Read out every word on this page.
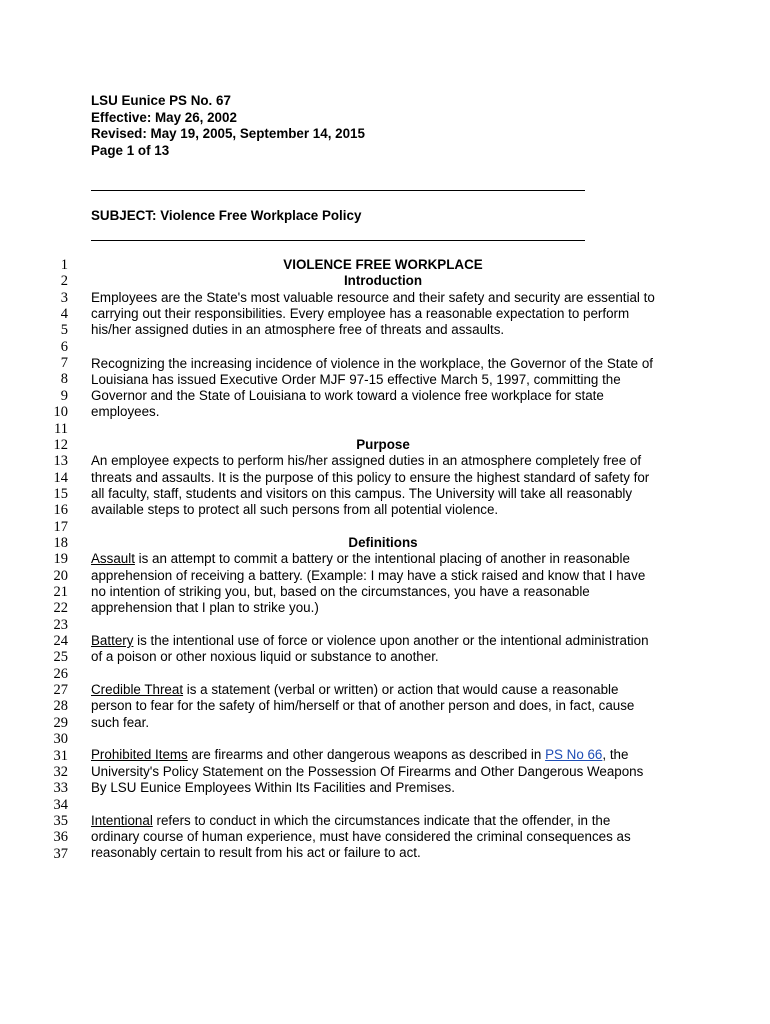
LSU Eunice PS No. 67
Effective: May 26, 2002
Revised: May 19, 2005, September 14, 2015
Page 1 of 13
SUBJECT: Violence Free Workplace Policy
1
2
3
4
5
6
7
8
9
10
11
12
13
14
15
16
17
18
19
20
21
22
23
24
25
26
27
28
29
30
31
32
33
34
35
36
37
VIOLENCE FREE WORKPLACE
Introduction
Employees are the State's most valuable resource and their safety and security are essential to
carrying out their responsibilities. Every employee has a reasonable expectation to perform
his/her assigned duties in an atmosphere free of threats and assaults.
Recognizing the increasing incidence of violence in the workplace, the Governor of the State of
Louisiana has issued Executive Order MJF 97-15 effective March 5, 1997, committing the
Governor and the State of Louisiana to work toward a violence free workplace for state
employees.
Purpose
An employee expects to perform his/her assigned duties in an atmosphere completely free of
threats and assaults. It is the purpose of this policy to ensure the highest standard of safety for
all faculty, staff, students and visitors on this campus. The University will take all reasonably
available steps to protect all such persons from all potential violence.
Definitions
Assault is an attempt to commit a battery or the intentional placing of another in reasonable
apprehension of receiving a battery. (Example: I may have a stick raised and know that I have
no intention of striking you, but, based on the circumstances, you have a reasonable
apprehension that I plan to strike you.)
Battery is the intentional use of force or violence upon another or the intentional administration
of a poison or other noxious liquid or substance to another.
Credible Threat is a statement (verbal or written) or action that would cause a reasonable
person to fear for the safety of him/herself or that of another person and does, in fact, cause
such fear.
Prohibited Items are firearms and other dangerous weapons as described in PS No 66, the
University's Policy Statement on the Possession Of Firearms and Other Dangerous Weapons
By LSU Eunice Employees Within Its Facilities and Premises.
Intentional refers to conduct in which the circumstances indicate that the offender, in the
ordinary course of human experience, must have considered the criminal consequences as
reasonably certain to result from his act or failure to act.
